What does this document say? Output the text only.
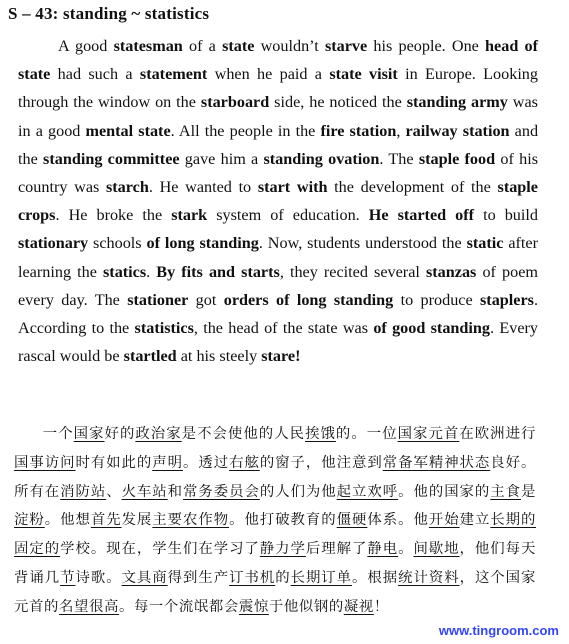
S – 43: standing ~ statistics

A good statesman of a state wouldn’t starve his people. One head of state had such a statement when he paid a state visit in Europe. Looking through the window on the starboard side, he noticed the standing army was in a good mental state. All the people in the fire station, railway station and the standing committee gave him a standing ovation. The staple food of his country was starch. He wanted to start with the development of the staple crops. He broke the stark system of education. He started off to build stationary schools of long standing. Now, students understood the static after learning the statics. By fits and starts, they recited several stanzas of poem every day. The stationer got orders of long standing to produce staplers. According to the statistics, the head of the state was of good standing. Every rascal would be startled at his steely stare!

一个国家好的政治家是不会使他的人民挨饿的。一位国家元首在欧洲进行国事访问时有如此的声明。透过右舷的窗子，他注意到常备军精神状态良好。所有在消防站、火车站和常务委员会的人们为他起立欢呼。他的国家的主食是淀粉。他想首先发展主要农作物。他打破教育的僵硬体系。他开始建立长期的固定的学校。现在，学生们在学习了静力学后理解了静电。间歇地，他们每天背诵几节诗歌。文具商得到生产订书机的长期订单。根据统计资料，这个国家元首的名望很高。每一个流氓都会震惊于他似钢的凝视！

www.tingroom.com
